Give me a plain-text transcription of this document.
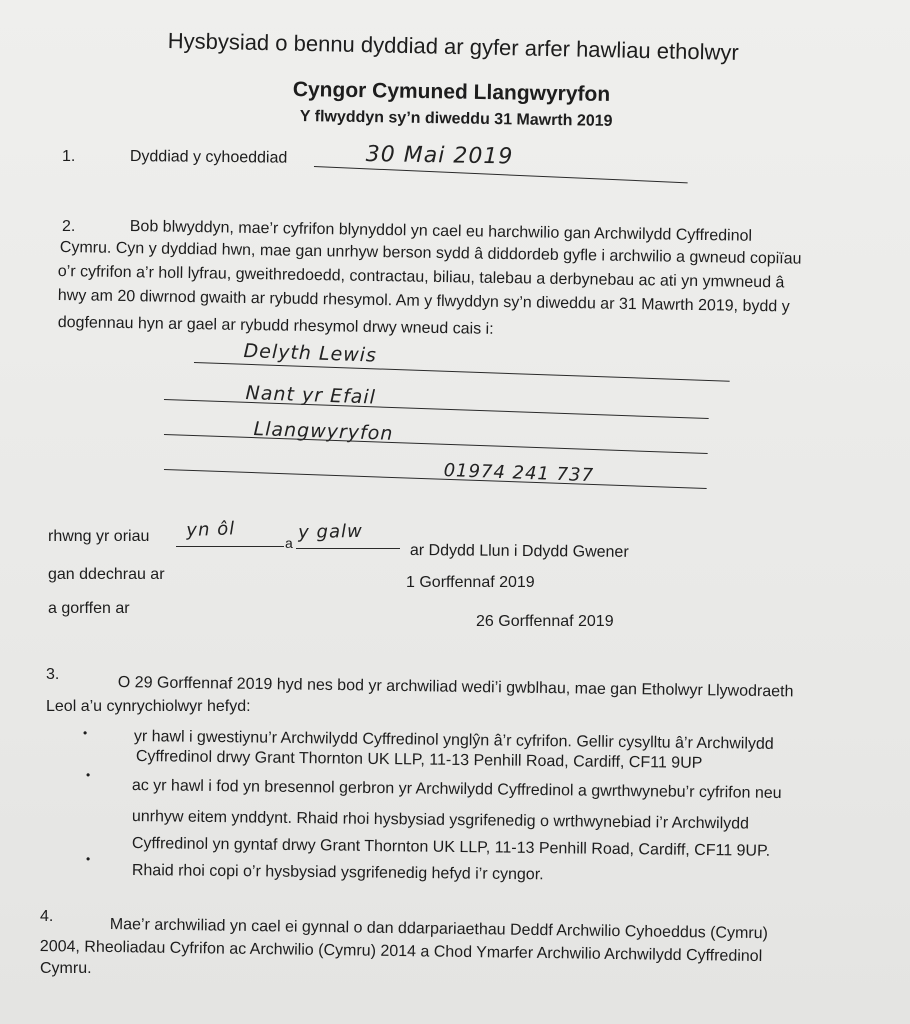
Hysbysiad o bennu dyddiad ar gyfer arfer hawliau etholwyr
Cyngor Cymuned Llangwyryfon
Y flwyddyn sy’n diweddu 31 Mawrth 2019
1.	Dyddiad y cyhoeddiad	30 Mai 2019
2.	Bob blwyddyn, mae’r cyfrifon blynyddol yn cael eu harchwilio gan Archwilydd Cyffredinol
Cymru. Cyn y dyddiad hwn, mae gan unrhyw berson sydd â diddordeb gyfle i archwilio a gwneud copiïau
o’r cyfrifon a’r holl lyfrau, gweithredoedd, contractau, biliau, talebau a derbynebau ac ati yn ymwneud â
hwy am 20 diwrnod gwaith ar rybudd rhesymol. Am y flwyddyn sy’n diweddu ar 31 Mawrth 2019, bydd y
dogfennau hyn ar gael ar rybudd rhesymol drwy wneud cais i:
Delyth Lewis
Nant yr Efail
Llangwyryfon
01974 241 737
rhwng yr oriau yn ôl
a
y galw
ar Ddydd Llun i Ddydd Gwener
gan ddechrau ar	1 Gorffennaf 2019
a gorffen ar
26 Gorffennaf 2019
3.	O 29 Gorffennaf 2019 hyd nes bod yr archwiliad wedi’i gwblhau, mae gan Etholwyr Llywodraeth
Leol a’u cynrychiolwyr hefyd:
•	yr hawl i gwestiynu’r Archwilydd Cyffredinol ynglŷn â’r cyfrifon. Gellir cysylltu â’r Archwilydd
Cyffredinol drwy Grant Thornton UK LLP, 11-13 Penhill Road, Cardiff, CF11 9UP
•
ac yr hawl i fod yn bresennol gerbron yr Archwilydd Cyffredinol a gwrthwynebu’r cyfrifon neu
unrhyw eitem ynddynt. Rhaid rhoi hysbysiad ysgrifenedig o wrthwynebiad i’r Archwilydd
Cyffredinol yn gyntaf drwy Grant Thornton UK LLP, 11-13 Penhill Road, Cardiff, CF11 9UP.
•
Rhaid rhoi copi o’r hysbysiad ysgrifenedig hefyd i’r cyngor.
4.	Mae’r archwiliad yn cael ei gynnal o dan ddarpariaethau Deddf Archwilio Cyhoeddus (Cymru)
2004, Rheoliadau Cyfrifon ac Archwilio (Cymru) 2014 a Chod Ymarfer Archwilio Archwilydd Cyffredinol
Cymru.
